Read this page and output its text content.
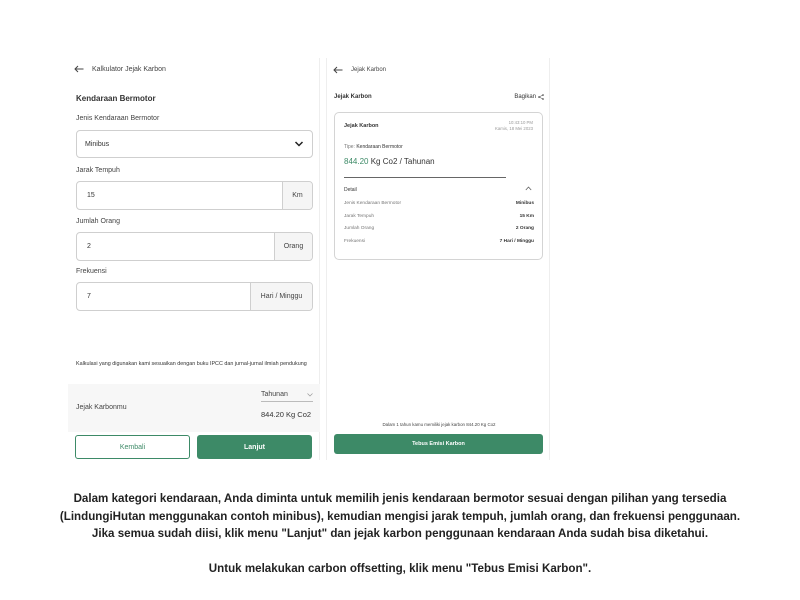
Kalkulator Jejak Karbon
Kendaraan Bermotor
Jenis Kendaraan Bermotor
Minibus
Jarak Tempuh
15	Km
Jumlah Orang
2	Orang
Frekuensi
7	Hari / Minggu
Kalkulasi yang digunakan kami sesuaikan dengan buku IPCC dan jurnal-jurnal ilmiah pendukung
Jejak Karbonmu
Tahunan
844.20 Kg Co2
Kembali	Lanjut
Jejak Karbon
Jejak Karbon	Bagikan
Jejak Karbon
10:43:10 PM
Kamis, 18 Mei 2023
Tipe: Kendaraan Bermotor
844.20 Kg Co2 / Tahunan
Detail
Jenis Kendaraan Bermotor	Minibus
Jarak Tempuh	15 Km
Jumlah Orang	2 Orang
Frekuensi	7 Hari / Minggu
Dalam 1 tahun kamu memiliki jejak karbon 844.20 Kg Co2
Tebus Emisi Karbon
Dalam kategori kendaraan, Anda diminta untuk memilih jenis kendaraan bermotor sesuai dengan pilihan yang tersedia
(LindungiHutan menggunakan contoh minibus), kemudian mengisi jarak tempuh, jumlah orang, dan frekuensi penggunaan.
Jika semua sudah diisi, klik menu "Lanjut" dan jejak karbon penggunaan kendaraan Anda sudah bisa diketahui.
Untuk melakukan carbon offsetting, klik menu "Tebus Emisi Karbon".
